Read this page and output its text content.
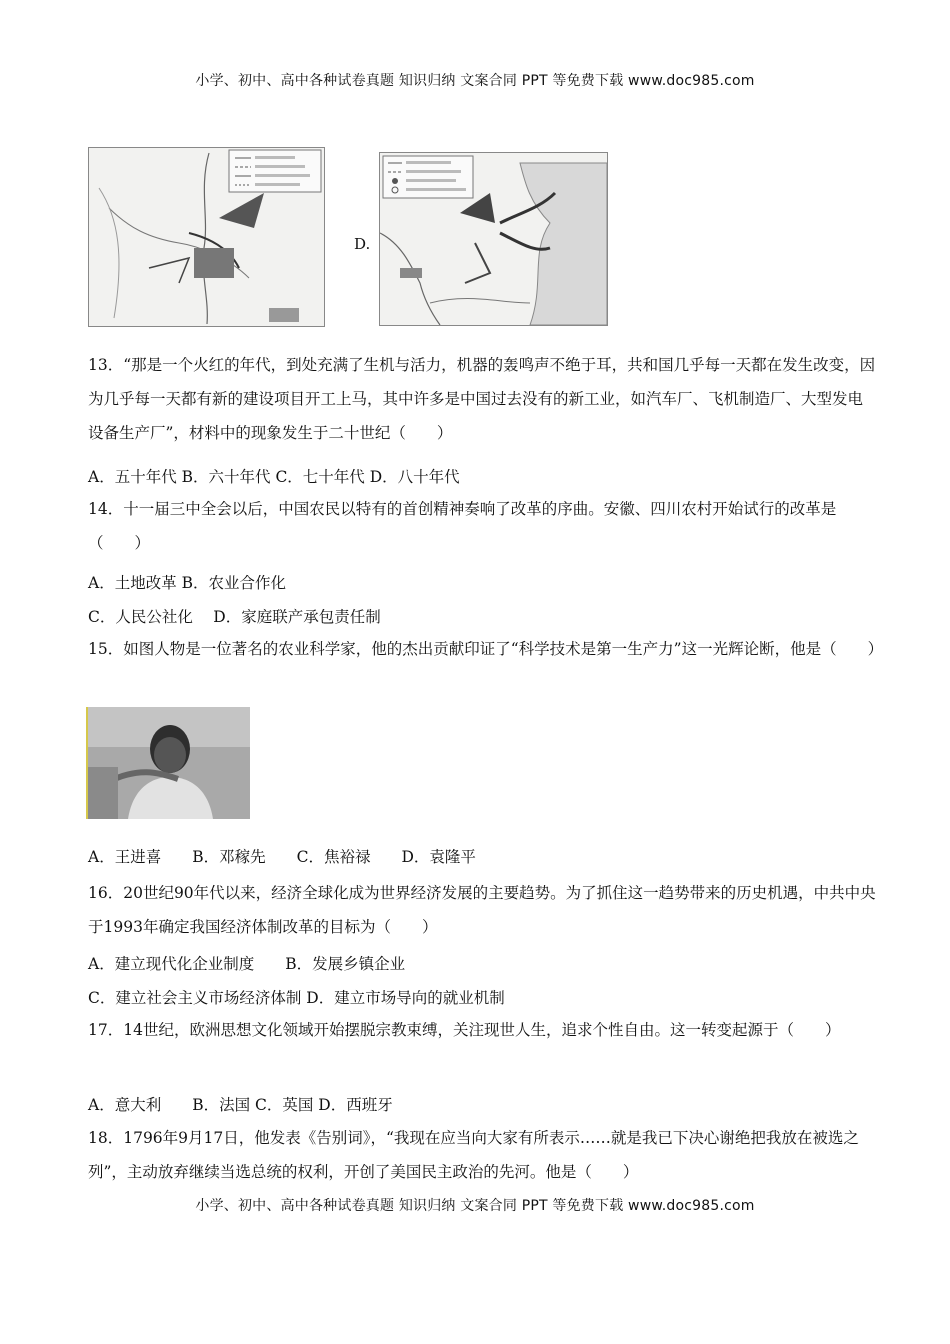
小学、初中、高中各种试卷真题 知识归纳 文案合同 PPT 等免费下载 www.doc985.com
D.
13．“那是一个火红的年代，到处充满了生机与活力，机器的轰鸣声不绝于耳，共和国几乎每一天都在发生改变，因为几乎每一天都有新的建设项目开工上马，其中许多是中国过去没有的新工业，如汽车厂、飞机制造厂、大型发电设备生产厂”，材料中的现象发生于二十世纪（　　）
A．五十年代 B．六十年代 C．七十年代 D．八十年代
14．十一届三中全会以后，中国农民以特有的首创精神奏响了改革的序曲。安徽、四川农村开始试行的改革是（　　）
A．土地改革 B．农业合作化
C．人民公社化　 D．家庭联产承包责任制
15．如图人物是一位著名的农业科学家，他的杰出贡献印证了“科学技术是第一生产力”这一光辉论断，他是（　　）
A．王进喜　　B．邓稼先　　C．焦裕禄　　D．袁隆平
16．20世纪90年代以来，经济全球化成为世界经济发展的主要趋势。为了抓住这一趋势带来的历史机遇，中共中央于1993年确定我国经济体制改革的目标为（　　）
A．建立现代化企业制度　　B．发展乡镇企业
C．建立社会主义市场经济体制 D．建立市场导向的就业机制
17．14世纪，欧洲思想文化领域开始摆脱宗教束缚，关注现世人生，追求个性自由。这一转变起源于（　　）
A．意大利　　B．法国 C．英国 D．西班牙
18．1796年9月17日，他发表《告别词》，“我现在应当向大家有所表示……就是我已下决心谢绝把我放在被选之列”，主动放弃继续当选总统的权利，开创了美国民主政治的先河。他是（　　）
小学、初中、高中各种试卷真题 知识归纳 文案合同 PPT 等免费下载 www.doc985.com
